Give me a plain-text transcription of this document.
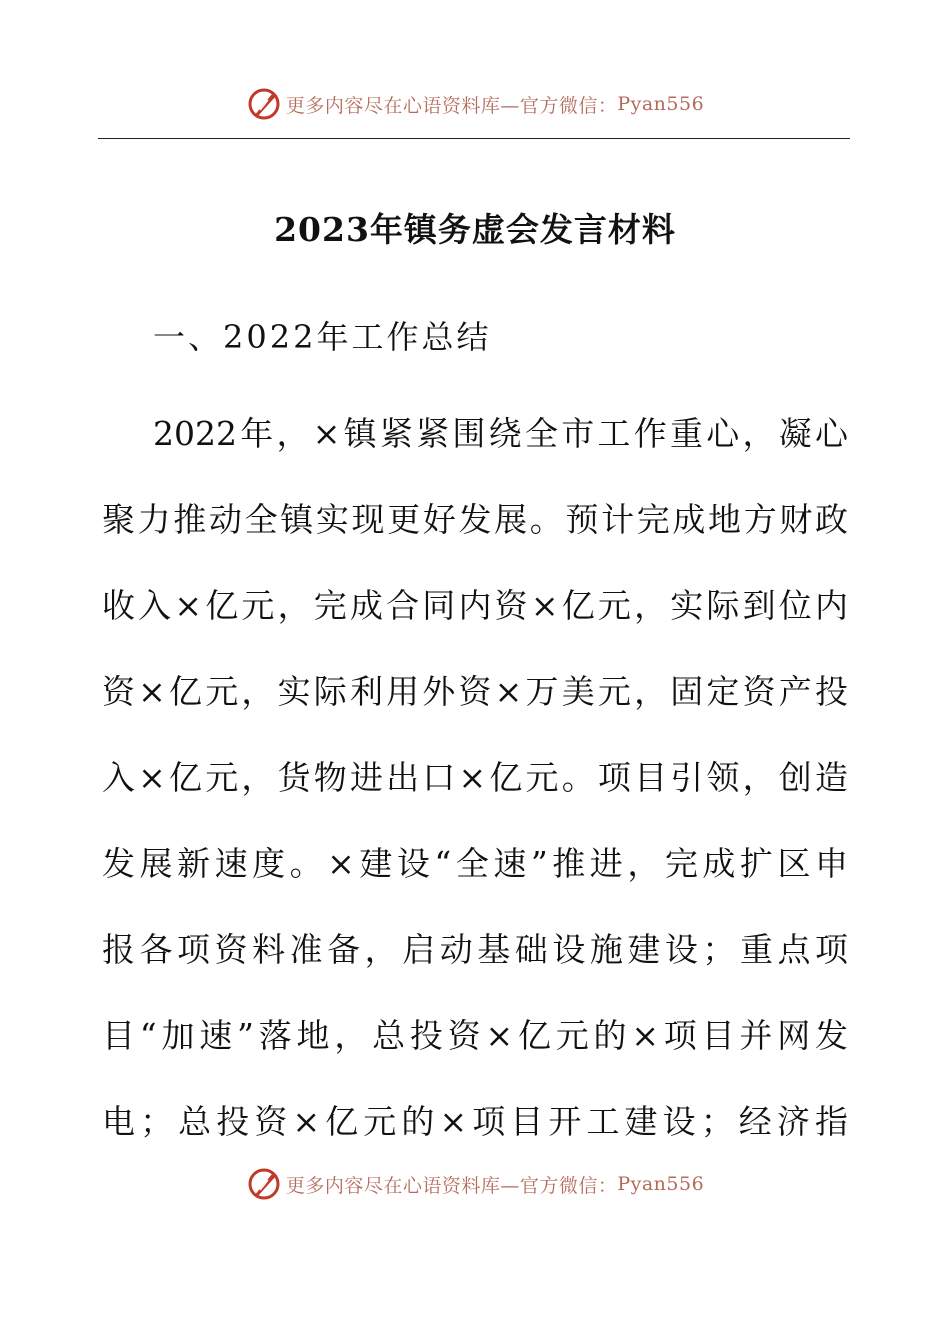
更多内容尽在心语资料库—官方微信： Pyan556
2023年镇务虚会发言材料
一、2022年工作总结
2022年，×镇紧紧围绕全市工作重心，凝心
聚力推动全镇实现更好发展。预计完成地方财政
收入×亿元，完成合同内资×亿元，实际到位内
资×亿元，实际利用外资×万美元，固定资产投
入×亿元，货物进出口×亿元。项目引领，创造
发展新速度。×建设“全速”推进，完成扩区申
报各项资料准备，启动基础设施建设；重点项
目“加速”落地，总投资×亿元的×项目并网发
电；总投资×亿元的×项目开工建设；经济指
更多内容尽在心语资料库—官方微信： Pyan556
